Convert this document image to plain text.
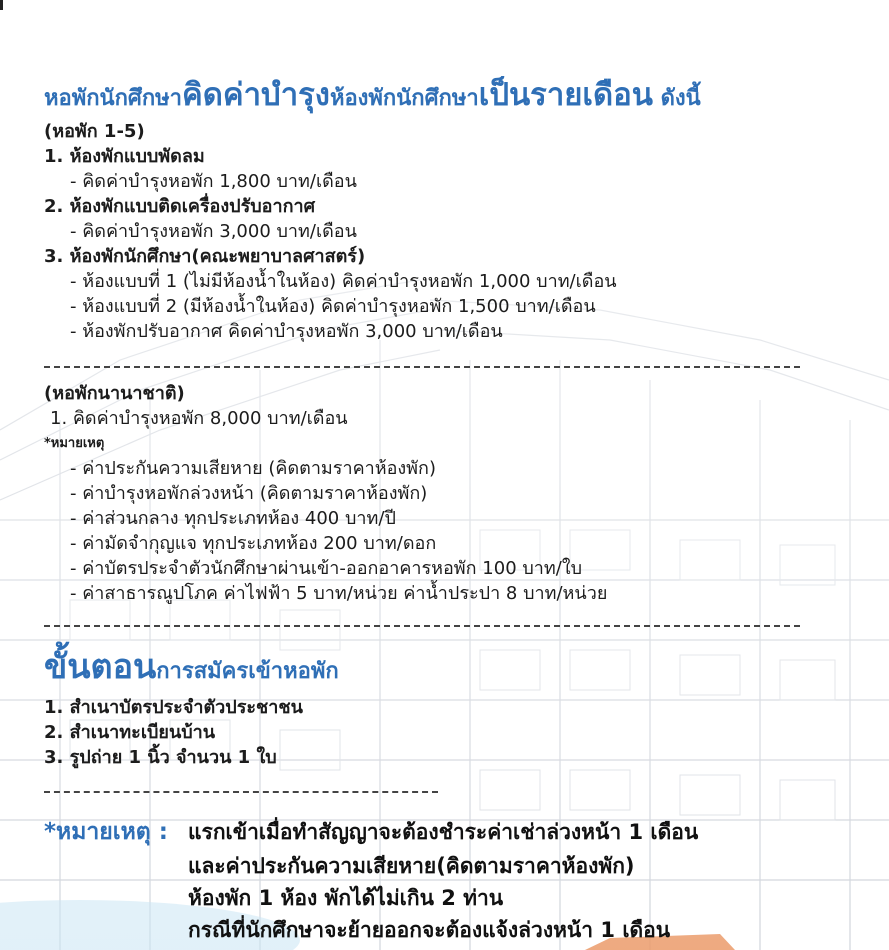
หอพักนักศึกษาคิดค่าบำรุงห้องพักนักศึกษาเป็นรายเดือน ดังนี้
(หอพัก 1-5)
1. ห้องพักแบบพัดลม
- คิดค่าบำรุงหอพัก 1,800 บาท/เดือน
2. ห้องพักแบบติดเครื่องปรับอากาศ
- คิดค่าบำรุงหอพัก 3,000 บาท/เดือน
3. ห้องพักนักศึกษา(คณะพยาบาลศาสตร์)
- ห้องแบบที่ 1 (ไม่มีห้องน้ำในห้อง) คิดค่าบำรุงหอพัก 1,000 บาท/เดือน
- ห้องแบบที่ 2 (มีห้องน้ำในห้อง) คิดค่าบำรุงหอพัก 1,500 บาท/เดือน
- ห้องพักปรับอากาศ คิดค่าบำรุงหอพัก 3,000 บาท/เดือน
(หอพักนานาชาติ)
1. คิดค่าบำรุงหอพัก 8,000 บาท/เดือน
*หมายเหตุ
- ค่าประกันความเสียหาย (คิดตามราคาห้องพัก)
- ค่าบำรุงหอพักล่วงหน้า (คิดตามราคาห้องพัก)
- ค่าส่วนกลาง ทุกประเภทห้อง 400 บาท/ปี
- ค่ามัดจำกุญแจ ทุกประเภทห้อง 200 บาท/ดอก
- ค่าบัตรประจำตัวนักศึกษาผ่านเข้า-ออกอาคารหอพัก 100 บาท/ใบ
- ค่าสาธารณูปโภค ค่าไฟฟ้า 5 บาท/หน่วย ค่าน้ำประปา 8 บาท/หน่วย
ขั้นตอนการสมัครเข้าหอพัก
1. สำเนาบัตรประจำตัวประชาชน
2. สำเนาทะเบียนบ้าน
3. รูปถ่าย 1 นิ้ว จำนวน 1 ใบ
*หมายเหตุ : แรกเข้าเมื่อทำสัญญาจะต้องชำระค่าเช่าล่วงหน้า 1 เดือน
และค่าประกันความเสียหาย(คิดตามราคาห้องพัก)
ห้องพัก 1 ห้อง พักได้ไม่เกิน 2 ท่าน
กรณีที่นักศึกษาจะย้ายออกจะต้องแจ้งล่วงหน้า 1 เดือน
